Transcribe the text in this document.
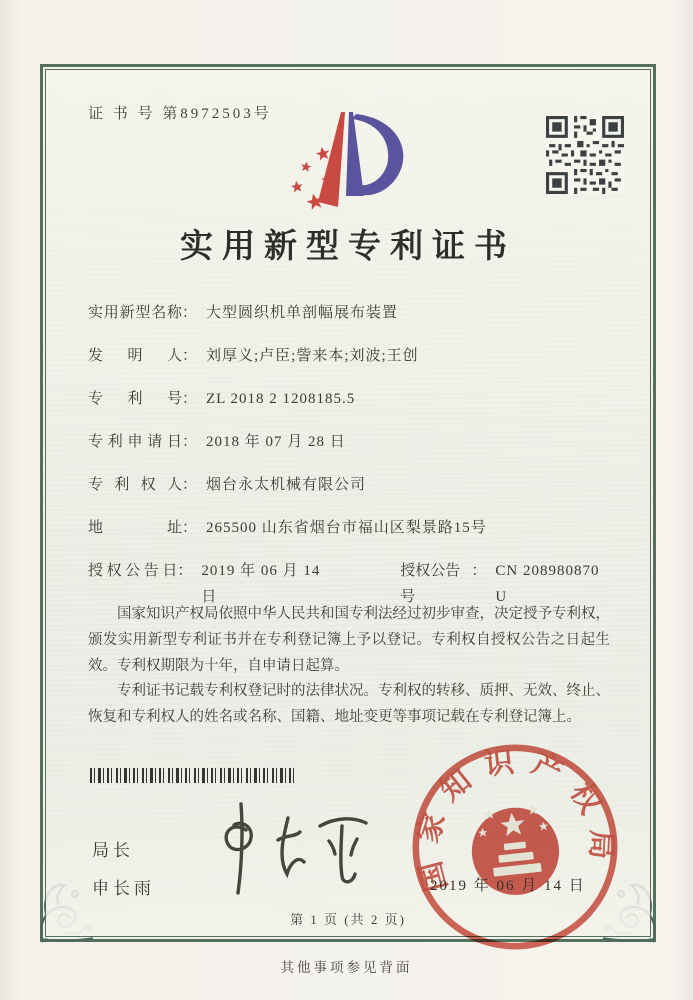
证 书 号 第8972503号
实用新型专利证书
实用新型名称 ： 大型圆织机单剖幅展布装置
发明人 ： 刘厚义;卢臣;訾来本;刘波;王创
专利号 ： ZL 2018 2 1208185.5
专利申请日 ： 2018 年 07 月 28 日
专利权人 ： 烟台永太机械有限公司
地址 ： 265500 山东省烟台市福山区梨景路15号
授权公告日 ： 2019 年 06 月 14 日
授权公告号
： CN 208980870 U

国家知识产权局依照中华人民共和国专利法经过初步审查，决定授予专利权，颁发实用新型专利证书并在专利登记簿上予以登记。专利权自授权公告之日起生效。专利权期限为十年，自申请日起算。

专利证书记载专利权登记时的法律状况。专利权的转移、质押、无效、终止、恢复和专利权人的姓名或名称、国籍、地址变更等事项记载在专利登记簿上。

局长
申长雨	国家知识产权局
2019 年 06 月 14 日
第 1 页 (共 2 页)
其他事项参见背面
